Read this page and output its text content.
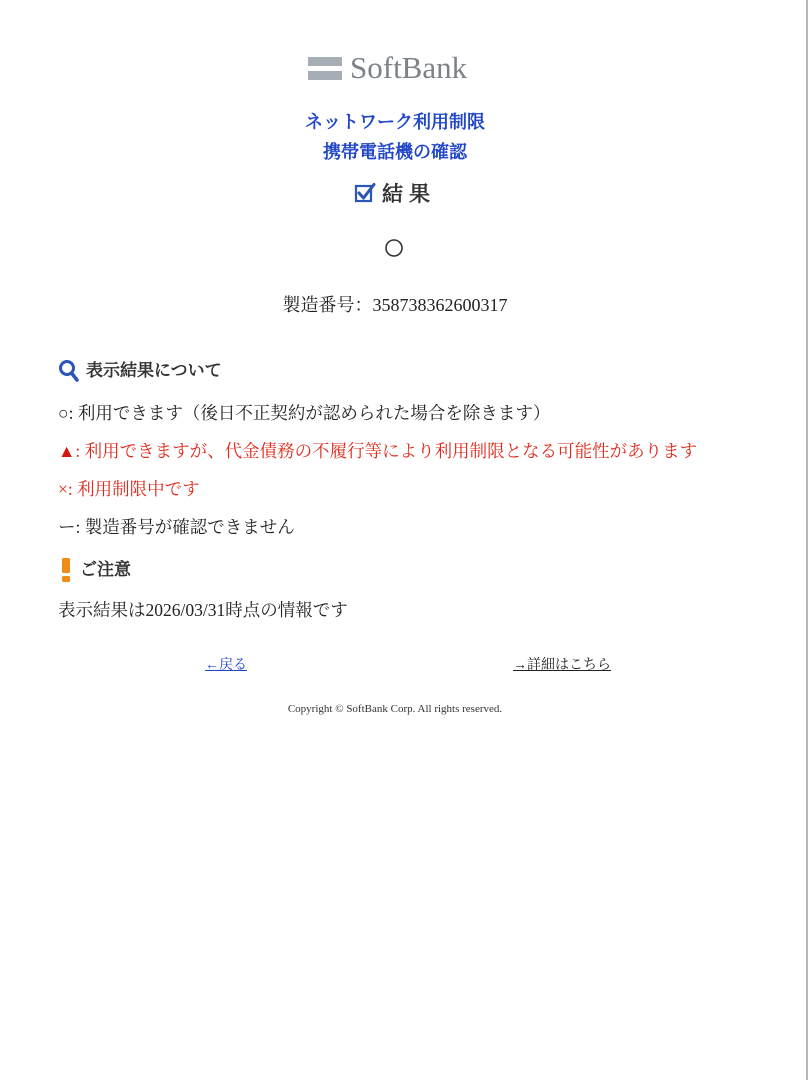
SoftBank
ネットワーク利用制限
携帯電話機の確認
結果
製造番号：358738362600317
表示結果について
○: 利用できます（後日不正契約が認められた場合を除きます）
▲: 利用できますが、代金債務の不履行等により利用制限となる可能性があります
×: 利用制限中です
ー: 製造番号が確認できません
ご注意
表示結果は2026/03/31時点の情報です
←戻る	→詳細はこちら
Copyright © SoftBank Corp. All rights reserved.
